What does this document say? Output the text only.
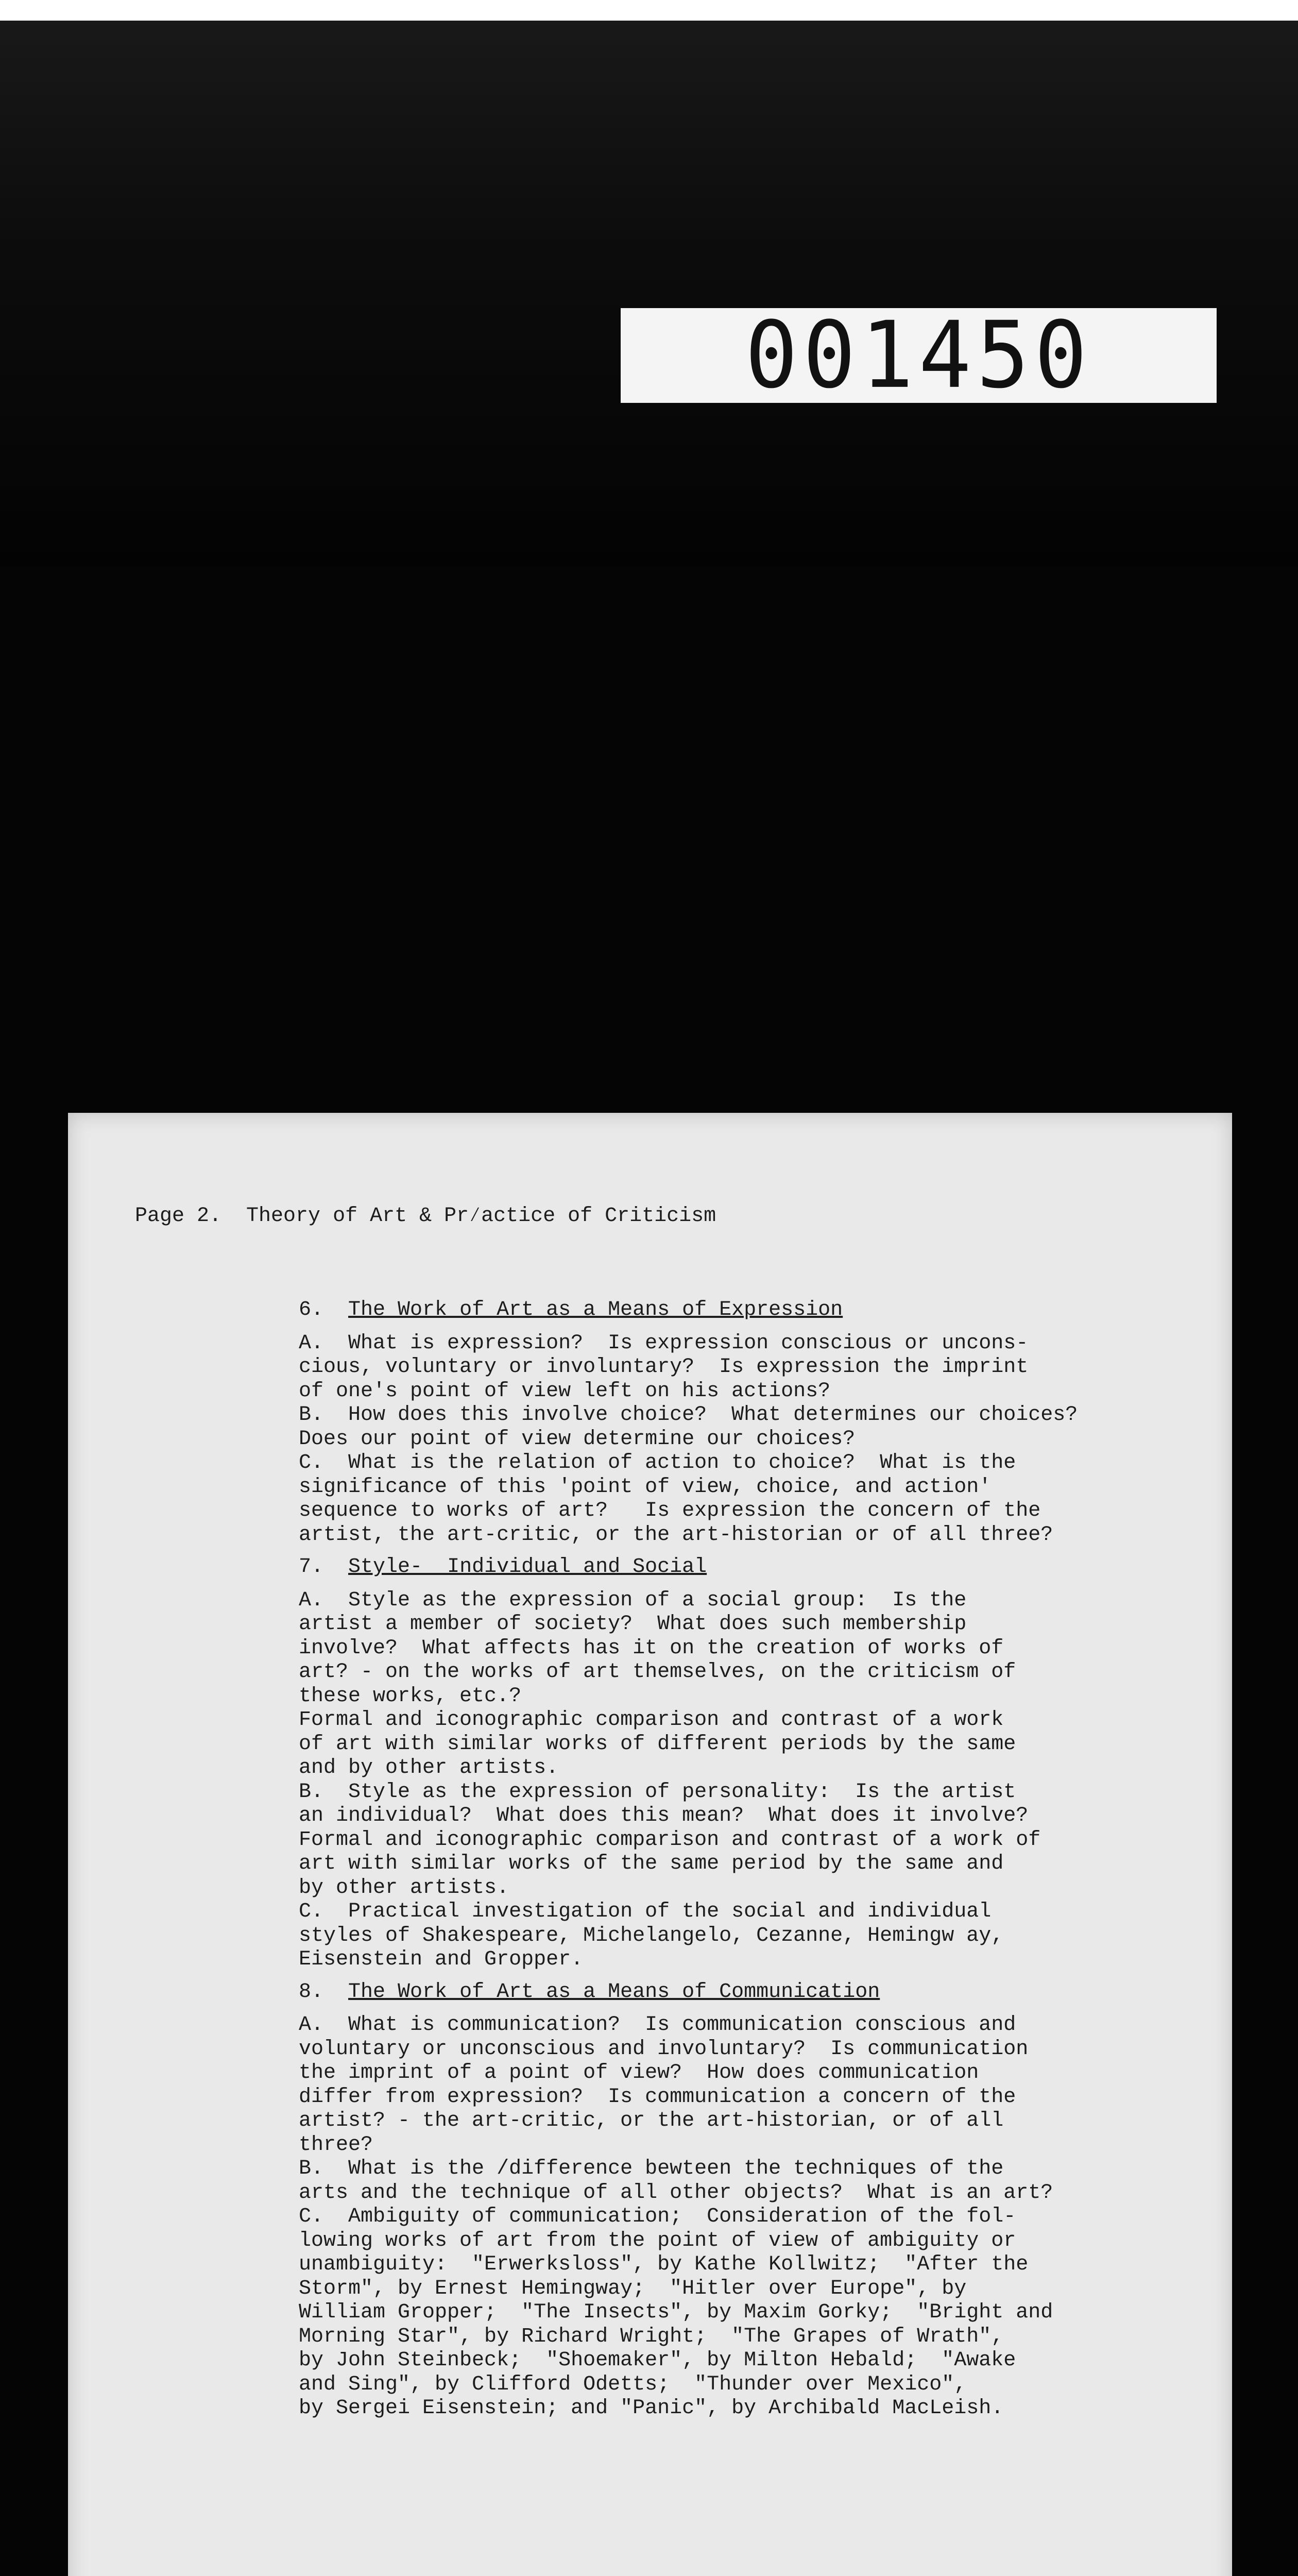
001450
Page 2.  Theory of Art & Pr⁄actice of Criticism
6. The Work of Art as a Means of Expression
A.  What is expression?  Is expression conscious or uncons-
cious, voluntary or involuntary?  Is expression the imprint
of one's point of view left on his actions?
B.  How does this involve choice?  What determines our choices?
Does our point of view determine our choices?
C.  What is the relation of action to choice?  What is the
significance of this 'point of view, choice, and action'
sequence to works of art?   Is expression the concern of the
artist, the art-critic, or the art-historian or of all three?
7. Style-  Individual and Social
A.  Style as the expression of a social group:  Is the
artist a member of society?  What does such membership
involve?  What affects has it on the creation of works of
art? - on the works of art themselves, on the criticism of
these works, etc.?
Formal and iconographic comparison and contrast of a work
of art with similar works of different periods by the same
and by other artists.
B.  Style as the expression of personality:  Is the artist
an individual?  What does this mean?  What does it involve?
Formal and iconographic comparison and contrast of a work of
art with similar works of the same period by the same and
by other artists.
C.  Practical investigation of the social and individual
styles of Shakespeare, Michelangelo, Cezanne, Hemingw ay,
Eisenstein and Gropper.
8. The Work of Art as a Means of Communication
A.  What is communication?  Is communication conscious and
voluntary or unconscious and involuntary?  Is communication
the imprint of a point of view?  How does communication
differ from expression?  Is communication a concern of the
artist? - the art-critic, or the art-historian, or of all
three?
B.  What is the /difference bewteen the techniques of the
arts and the technique of all other objects?  What is an art?
C.  Ambiguity of communication;  Consideration of the fol-
lowing works of art from the point of view of ambiguity or
unambiguity:  "Erwerksloss", by Kathe Kollwitz;  "After the
Storm", by Ernest Hemingway;  "Hitler over Europe", by
William Gropper;  "The Insects", by Maxim Gorky;  "Bright and
Morning Star", by Richard Wright;  "The Grapes of Wrath",
by John Steinbeck;  "Shoemaker", by Milton Hebald;  "Awake
and Sing", by Clifford Odetts;  "Thunder over Mexico",
by Sergei Eisenstein; and "Panic", by Archibald MacLeish.
